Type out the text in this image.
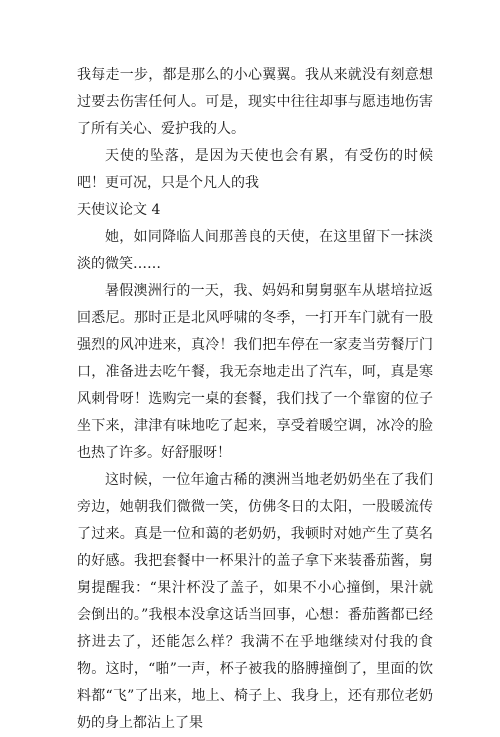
我每走一步，都是那么的小心翼翼。我从来就没有刻意想过要去伤害任何人。可是，现实中往往却事与愿违地伤害了所有关心、爱护我的人。

天使的坠落，是因为天使也会有累，有受伤的时候吧！更可况，只是个凡人的我

天使议论文 4

她，如同降临人间那善良的天使，在这里留下一抹淡淡的微笑……

暑假澳洲行的一天，我、妈妈和舅舅驱车从堪培拉返回悉尼。那时正是北风呼啸的冬季，一打开车门就有一股强烈的风冲进来，真冷！我们把车停在一家麦当劳餐厅门口，准备进去吃午餐，我无奈地走出了汽车，呵，真是寒风刺骨呀！选购完一桌的套餐，我们找了一个靠窗的位子坐下来，津津有味地吃了起来，享受着暖空调，冰冷的脸也热了许多。好舒服呀！

这时候，一位年逾古稀的澳洲当地老奶奶坐在了我们旁边，她朝我们微微一笑，仿佛冬日的太阳，一股暖流传了过来。真是一位和蔼的老奶奶，我顿时对她产生了莫名的好感。我把套餐中一杯果汁的盖子拿下来装番茄酱，舅舅提醒我：“果汁杯没了盖子，如果不小心撞倒，果汁就会倒出的。”我根本没拿这话当回事，心想：番茄酱都已经挤进去了，还能怎么样？我满不在乎地继续对付我的食物。这时，“啪”一声，杯子被我的胳膊撞倒了，里面的饮料都“飞”了出来，地上、椅子上、我身上，还有那位老奶奶的身上都沾上了果
